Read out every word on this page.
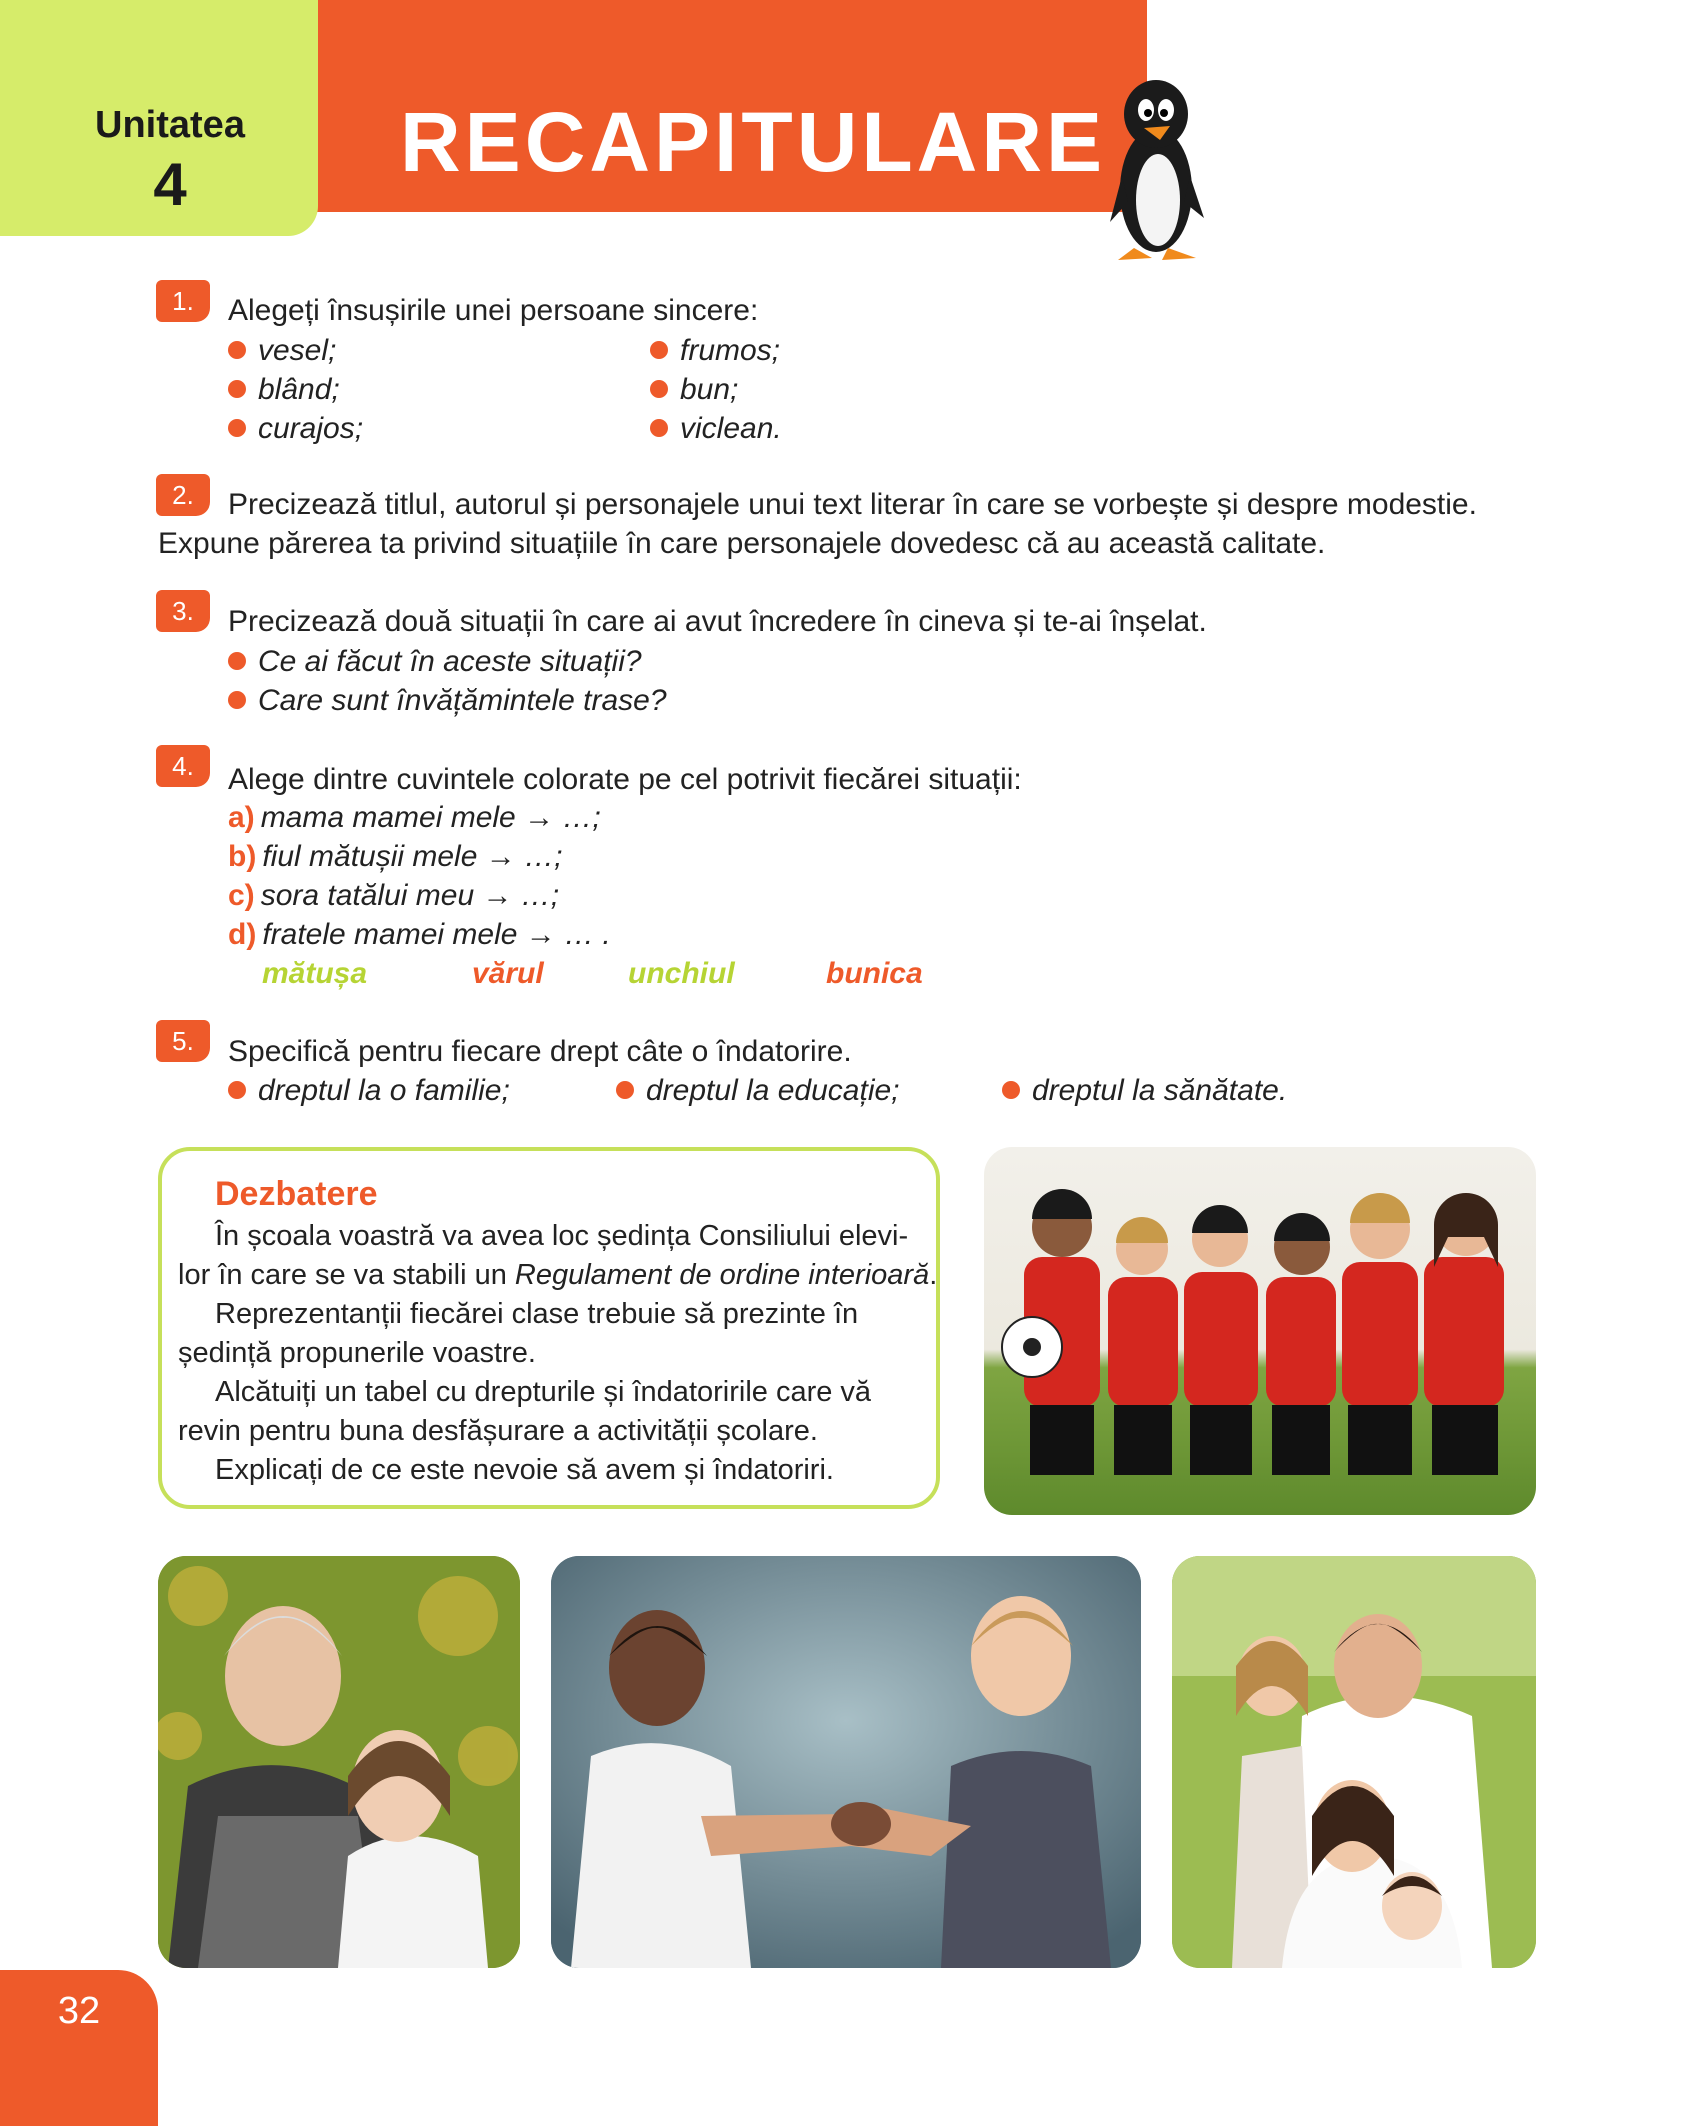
Unitatea
4	RECAPITULARE
1.	Alegeți însușirile unei persoane sincere:
vesel;
blând;
curajos;
frumos;
bun;
viclean.
2.	Precizează titlul, autorul și personajele unui text literar în care se vorbește și despre modestie.
Expune părerea ta privind situațiile în care personajele dovedesc că au această calitate.
3.	Precizează două situații în care ai avut încredere în cineva și te-ai înșelat.
Ce ai făcut în aceste situații?
Care sunt învățămintele trase?
4.	Alege dintre cuvintele colorate pe cel potrivit fiecărei situații:
a) mama mamei mele → …;
b) fiul mătușii mele → …;
c) sora tatălui meu → …;
d) fratele mamei mele → … .
mătușa	vărul	unchiul	bunica
5.	Specifică pentru fiecare drept câte o îndatorire.
dreptul la o familie;	dreptul la educație;	dreptul la sănătate.
Dezbatere
În școala voastră va avea loc ședința Consiliului elevi-
lor în care se va stabili un Regulament de ordine interioară.
Reprezentanții fiecărei clase trebuie să prezinte în
ședință propunerile voastre.
Alcătuiți un tabel cu drepturile și îndatoririle care vă
revin pentru buna desfășurare a activității școlare.
Explicați de ce este nevoie să avem și îndatoriri.
32
